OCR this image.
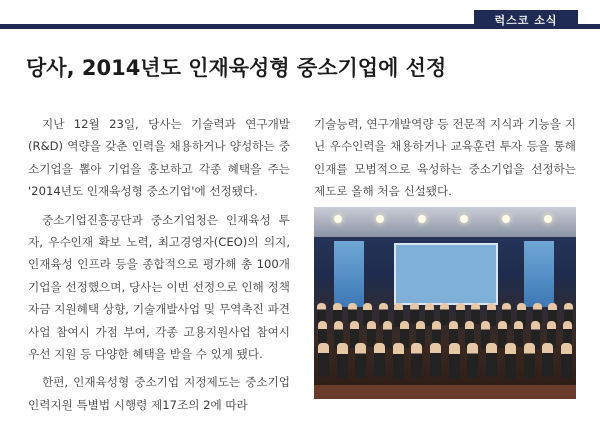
럭스코 소식
당사, 2014년도 인재육성형 중소기업에 선정

지난 12월 23일, 당사는 기술력과 연구개발(R&D) 역량을 갖춘 인력을 채용하거나 양성하는 중소기업을 뽑아 기업을 홍보하고 각종 혜택을 주는 '2014년도 인재육성형 중소기업'에 선정됐다.

중소기업진흥공단과 중소기업청은 인재육성 투자, 우수인재 확보 노력, 최고경영자(CEO)의 의지, 인재육성 인프라 등을 종합적으로 평가해 총 100개 기업을 선정했으며, 당사는 이번 선정으로 인해 정책자금 지원혜택 상향, 기술개발사업 및 무역촉진 파견사업 참여시 가점 부여, 각종 고용지원사업 참여시 우선 지원 등 다양한 혜택을 받을 수 있게 됐다.

한편, 인재육성형 중소기업 지정제도는 중소기업 인력지원 특별법 시행령 제17조의 2에 따라

기술능력, 연구개발역량 등 전문적 지식과 기능을 지닌 우수인력을 채용하거나 교육훈련 투자 등을 통해 인재를 모범적으로 육성하는 중소기업을 선정하는 제도로 올해 처음 신설됐다.
